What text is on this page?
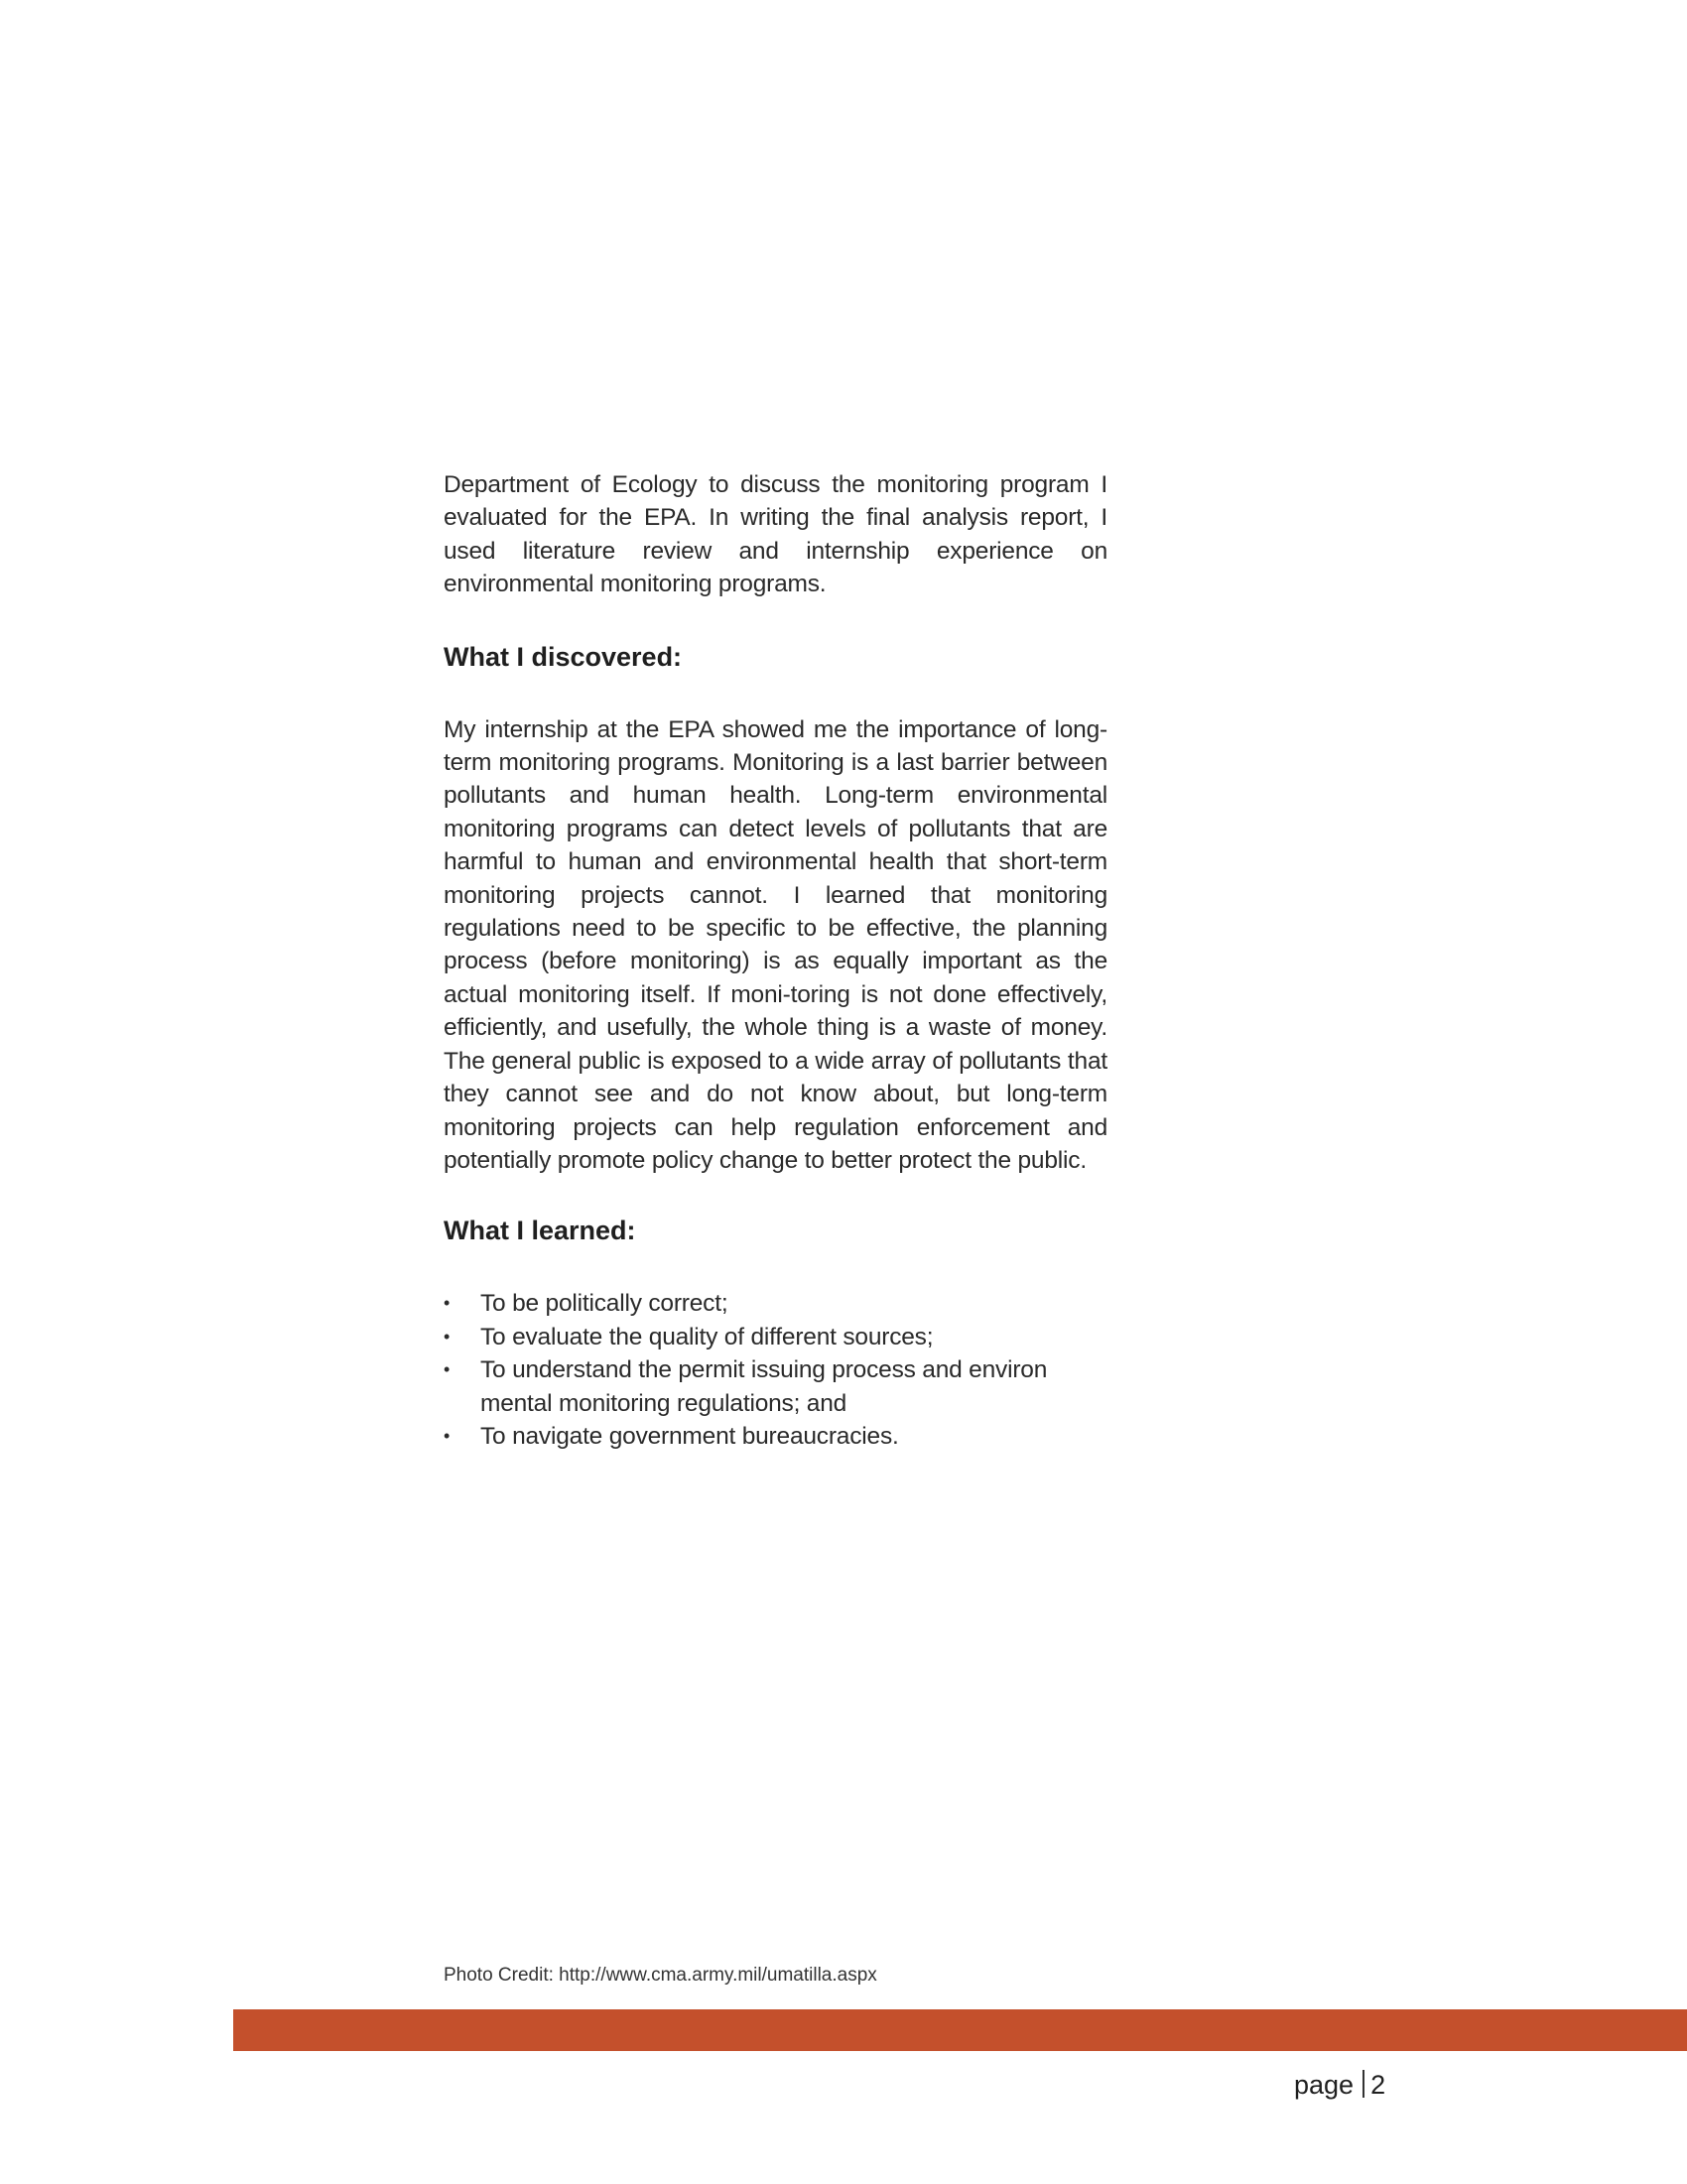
Department of Ecology to discuss the monitoring program I evaluated for the EPA. In writing the final analysis report, I used literature review and internship experience on environmental monitoring programs.

What I discovered:

My internship at the EPA showed me the importance of long-term monitoring programs. Monitoring is a last barrier between pollutants and human health. Long-term environmental monitoring programs can detect levels of pollutants that are harmful to human and environmental health that short-term monitoring projects cannot. I learned that monitoring regulations need to be specific to be effective, the planning process (before monitoring) is as equally important as the actual monitoring itself. If moni-toring is not done effectively, efficiently, and usefully, the whole thing is a waste of money. The general public is exposed to a wide array of pollutants that they cannot see and do not know about, but long-term monitoring projects can help regulation enforcement and potentially promote policy change to better protect the public.

What I learned:
•	To be politically correct;
•	To evaluate the quality of different sources;
•	To understand the permit issuing process and environ mental monitoring regulations; and
•	To navigate government bureaucracies.
Photo Credit: http://www.cma.army.mil/umatilla.aspx
page 2
